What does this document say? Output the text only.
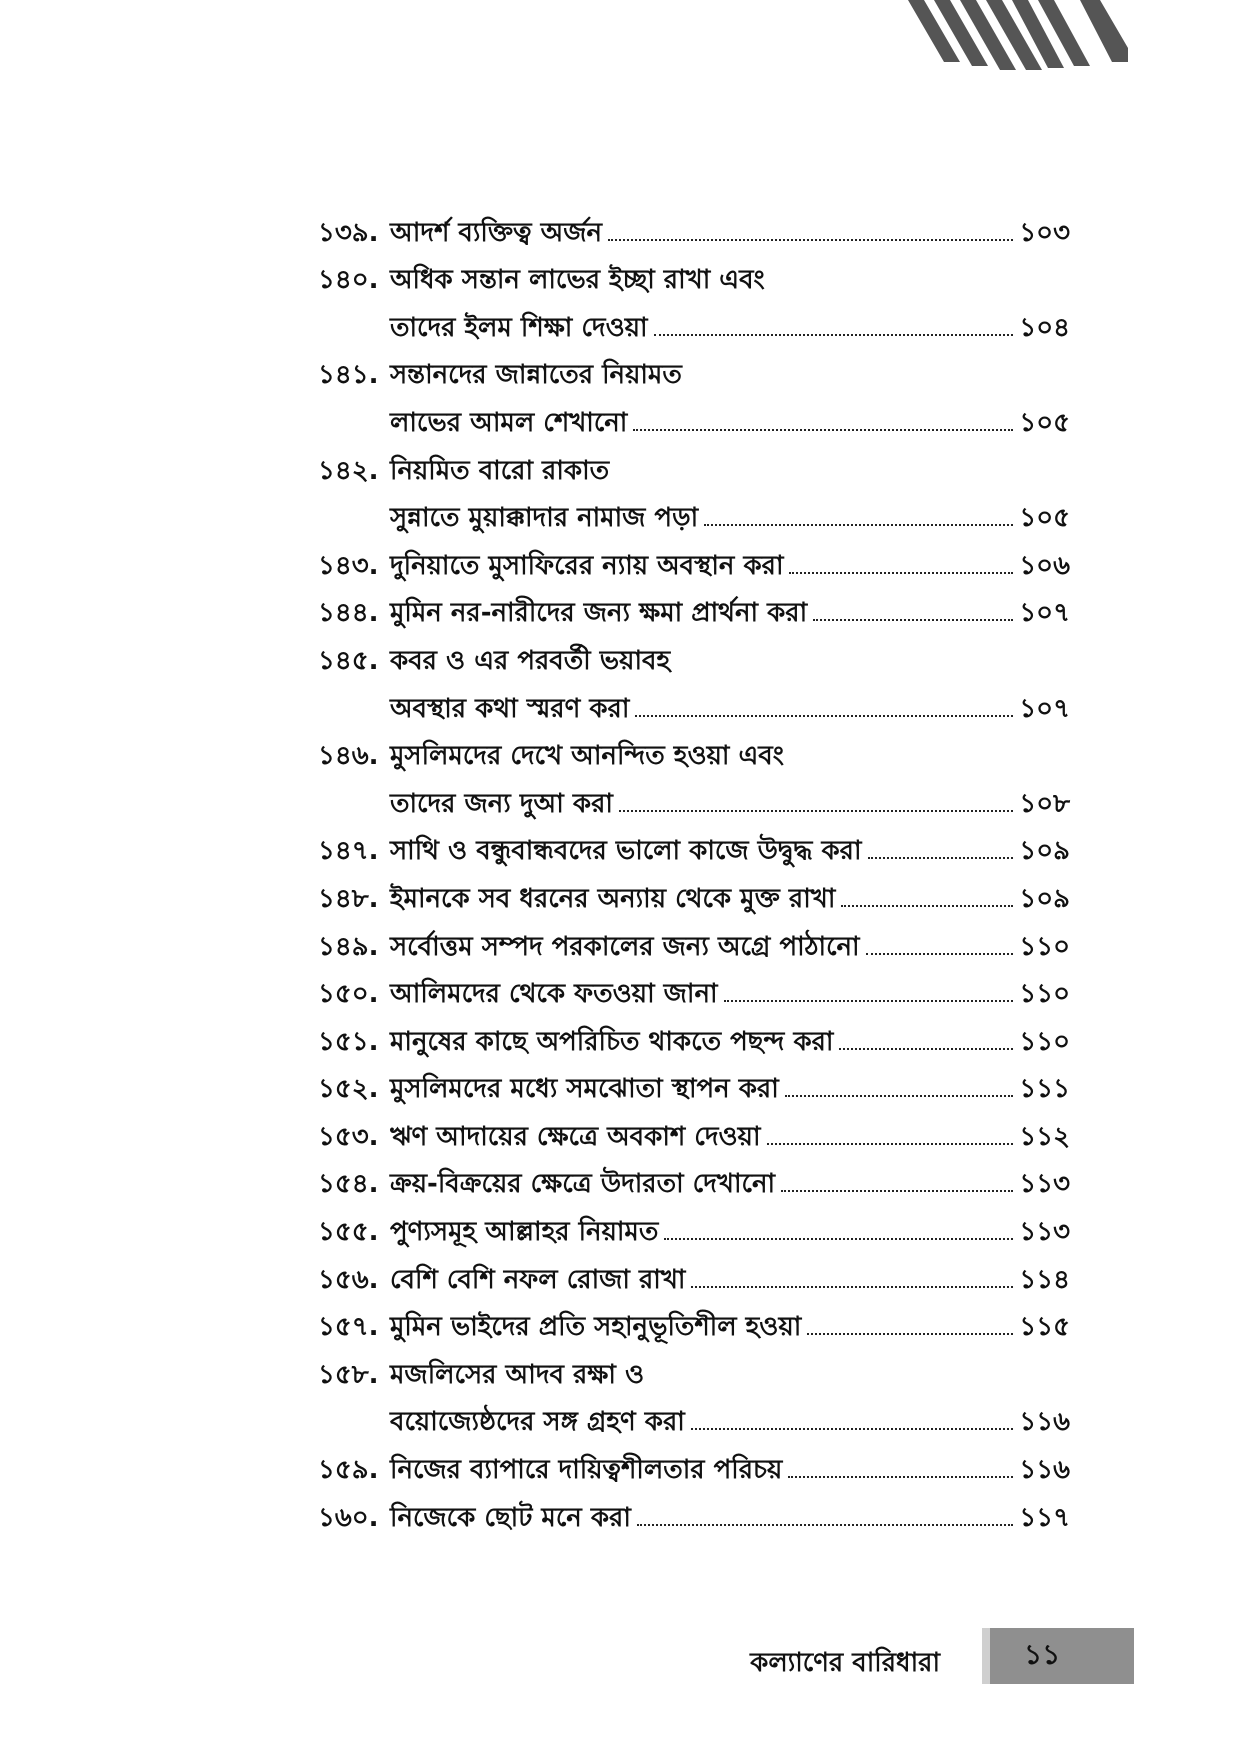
১৩৯. আদর্শ ব্যক্তিত্ব অর্জন	১০৩
১৪০. অধিক সন্তান লাভের ইচ্ছা রাখা এবং
তাদের ইলম শিক্ষা দেওয়া	১০৪
১৪১. সন্তানদের জান্নাতের নিয়ামত
লাভের আমল শেখানো	১০৫
১৪২. নিয়মিত বারো রাকাত
সুন্নাতে মুয়াক্কাদার নামাজ পড়া	১০৫
১৪৩. দুনিয়াতে মুসাফিরের ন্যায় অবস্থান করা	১০৬
১৪৪. মুমিন নর-নারীদের জন্য ক্ষমা প্রার্থনা করা	১০৭
১৪৫. কবর ও এর পরবর্তী ভয়াবহ
অবস্থার কথা স্মরণ করা	১০৭
১৪৬. মুসলিমদের দেখে আনন্দিত হওয়া এবং
তাদের জন্য দুআ করা	১০৮
১৪৭. সাথি ও বন্ধুবান্ধবদের ভালো কাজে উদ্বুদ্ধ করা	১০৯
১৪৮. ইমানকে সব ধরনের অন্যায় থেকে মুক্ত রাখা	১০৯
১৪৯. সর্বোত্তম সম্পদ পরকালের জন্য অগ্রে পাঠানো	১১০
১৫০. আলিমদের থেকে ফতওয়া জানা	১১০
১৫১. মানুষের কাছে অপরিচিত থাকতে পছন্দ করা	১১০
১৫২. মুসলিমদের মধ্যে সমঝোতা স্থাপন করা	১১১
১৫৩. ঋণ আদায়ের ক্ষেত্রে অবকাশ দেওয়া	১১২
১৫৪. ক্রয়-বিক্রয়ের ক্ষেত্রে উদারতা দেখানো	১১৩
১৫৫. পুণ্যসমূহ আল্লাহর নিয়ামত	১১৩
১৫৬. বেশি বেশি নফল রোজা রাখা	১১৪
১৫৭. মুমিন ভাইদের প্রতি সহানুভূতিশীল হওয়া	১১৫
১৫৮. মজলিসের আদব রক্ষা ও
বয়োজ্যেষ্ঠদের সঙ্গ গ্রহণ করা	১১৬
১৫৯. নিজের ব্যাপারে দায়িত্বশীলতার পরিচয়	১১৬
১৬০. নিজেকে ছোট মনে করা	১১৭
কল্যাণের বারিধারা	১১
